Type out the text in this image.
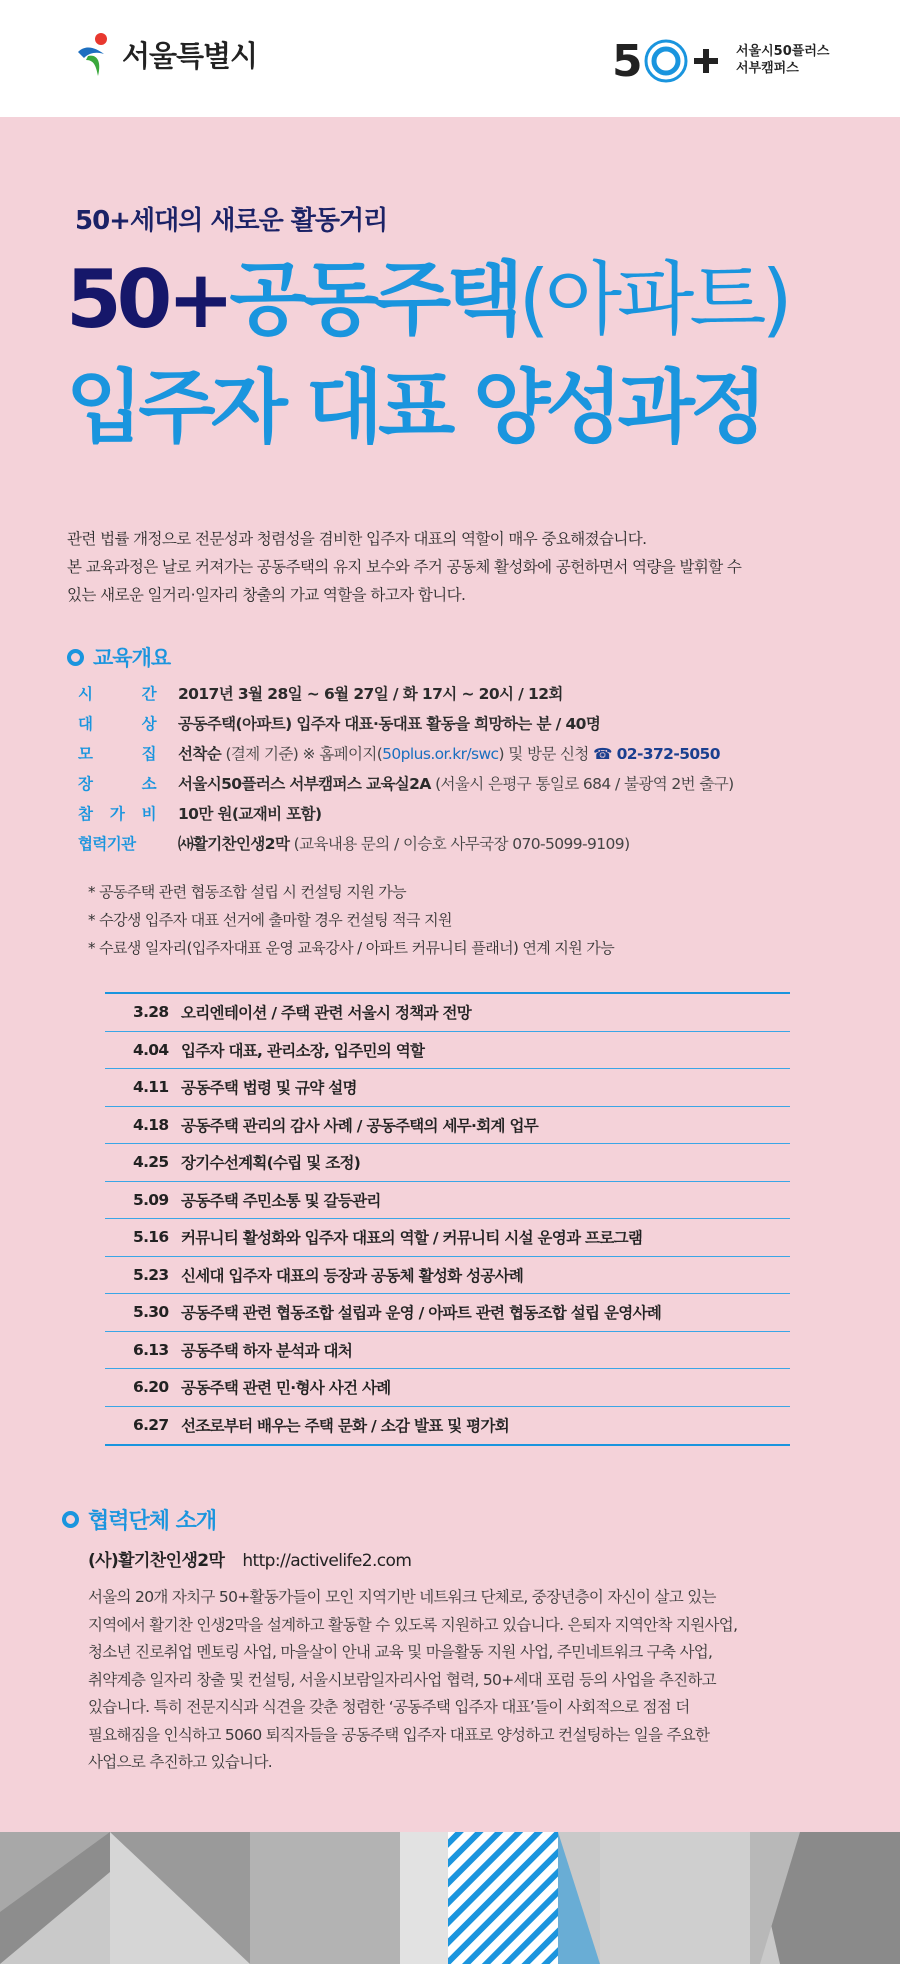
서울특별시	5	서울시50플러스
서부캠퍼스
50+세대의 새로운 활동거리
50+공동주택(아파트)
입주자 대표 양성과정

관련 법률 개정으로 전문성과 청렴성을 겸비한 입주자 대표의 역할이 매우 중요해졌습니다.

본 교육과정은 날로 커져가는 공동주택의 유지 보수와 주거 공동체 활성화에 공헌하면서 역량을 발휘할 수

있는 새로운 일거리·일자리 창출의 가교 역할을 하고자 합니다.

교육개요
시	간 2017년 3월 28일 ~ 6월 27일 / 화 17시 ~ 20시 / 12회
대	상 공동주택(아파트) 입주자 대표·동대표 활동을 희망하는 분 / 40명
모	집 선착순 (결제 기준) ※ 홈페이지(50plus.or.kr/swc) 및 방문 신청 ☎ 02-372-5050
장	소 서울시50플러스 서부캠퍼스 교육실2A (서울시 은평구 통일로 684 / 불광역 2번 출구)
참 가 비 10만 원(교재비 포함)
협력기관	㈔활기찬인생2막 (교육내용 문의 / 이승호 사무국장 070-5099-9109)
* 공동주택 관련 협동조합 설립 시 컨설팅 지원 가능
* 수강생 입주자 대표 선거에 출마할 경우 컨설팅 적극 지원
* 수료생 일자리(입주자대표 운영 교육강사 / 아파트 커뮤니티 플래너) 연계 지원 가능
3.28 오리엔테이션 / 주택 관련 서울시 정책과 전망
4.04 입주자 대표, 관리소장, 입주민의 역할
4.11 공동주택 법령 및 규약 설명
4.18 공동주택 관리의 감사 사례 / 공동주택의 세무·회계 업무
4.25 장기수선계획(수립 및 조정)
5.09 공동주택 주민소통 및 갈등관리
5.16 커뮤니티 활성화와 입주자 대표의 역할 / 커뮤니티 시설 운영과 프로그램
5.23 신세대 입주자 대표의 등장과 공동체 활성화 성공사례
5.30 공동주택 관련 협동조합 설립과 운영 / 아파트 관련 협동조합 설립 운영사례
6.13 공동주택 하자 분석과 대처
6.20 공동주택 관련 민·형사 사건 사례
6.27 선조로부터 배우는 주택 문화 / 소감 발표 및 평가회
협력단체 소개
(사)활기찬인생2막 http://activelife2.com

서울의 20개 자치구 50+활동가들이 모인 지역기반 네트워크 단체로, 중장년층이 자신이 살고 있는

지역에서 활기찬 인생2막을 설계하고 활동할 수 있도록 지원하고 있습니다. 은퇴자 지역안착 지원사업,

청소년 진로취업 멘토링 사업, 마을살이 안내 교육 및 마을활동 지원 사업, 주민네트워크 구축 사업,

취약계층 일자리 창출 및 컨설팅, 서울시보람일자리사업 협력, 50+세대 포럼 등의 사업을 추진하고

있습니다. 특히 전문지식과 식견을 갖춘 청렴한 ‘공동주택 입주자 대표’들이 사회적으로 점점 더

필요해짐을 인식하고 5060 퇴직자들을 공동주택 입주자 대표로 양성하고 컨설팅하는 일을 주요한

사업으로 추진하고 있습니다.
